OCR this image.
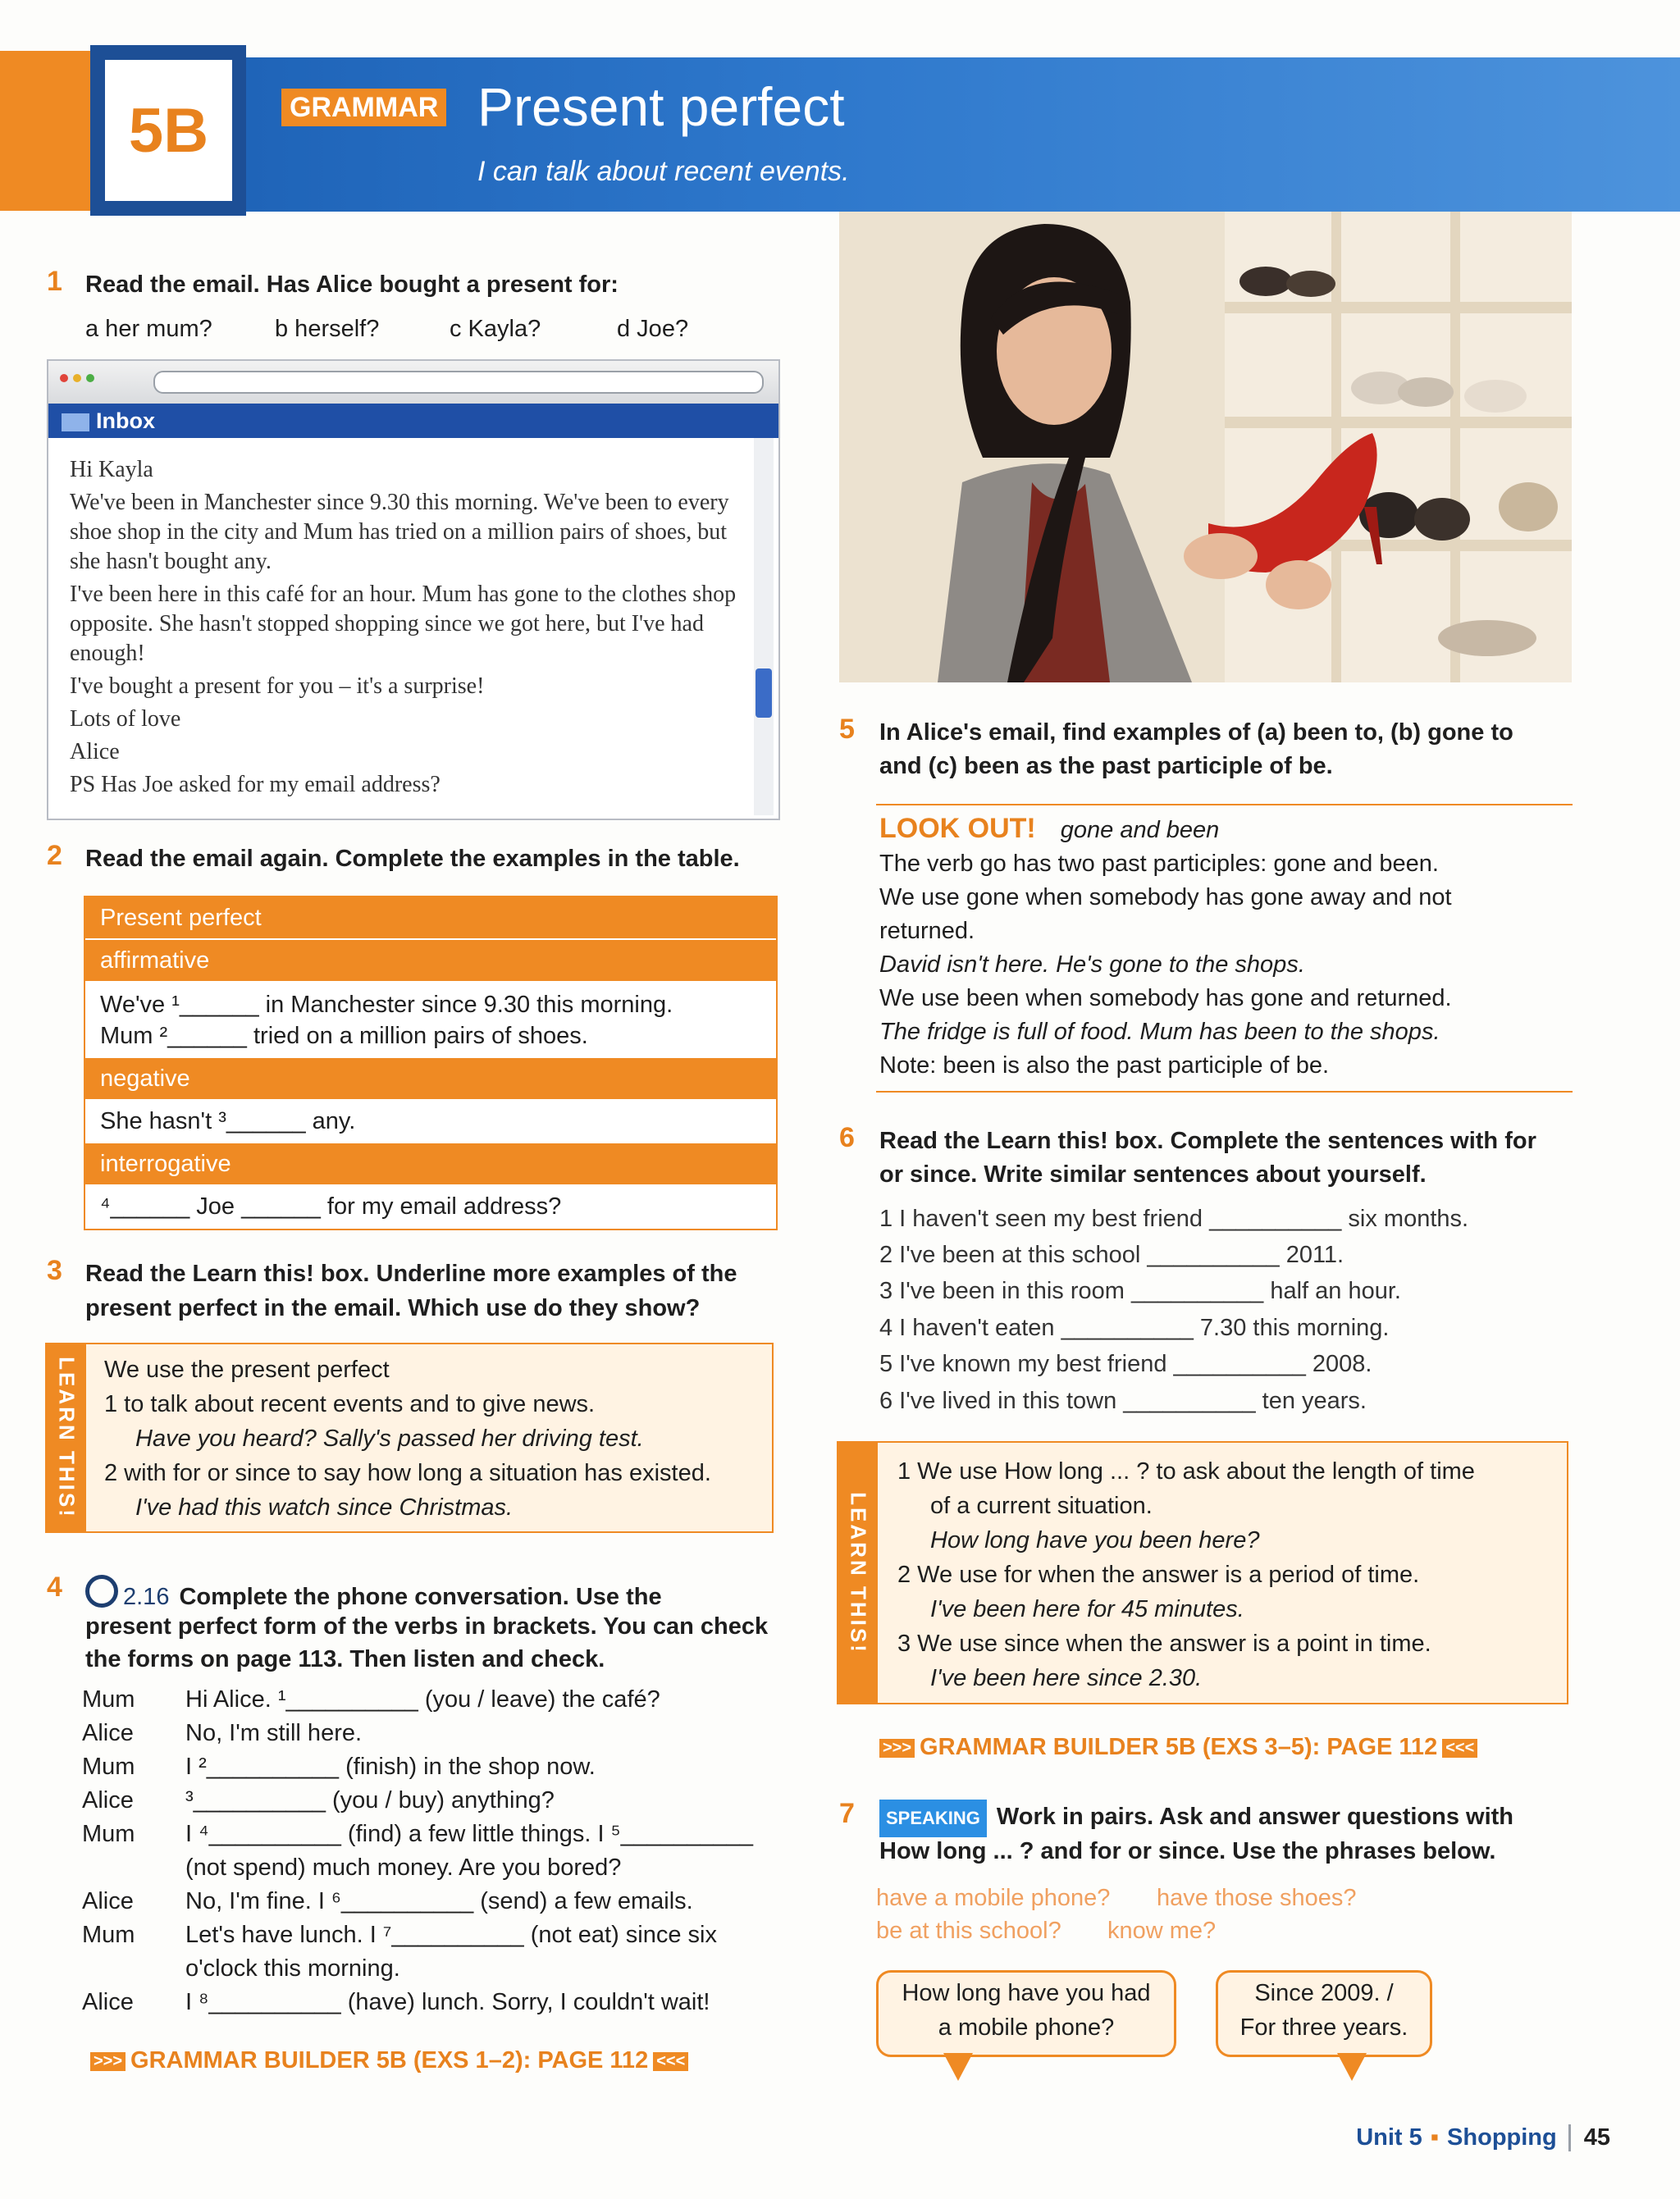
5B	GRAMMAR Present perfect
I can talk about recent events.
1 Read the email. Has Alice bought a present for:
a her mum?	b herself?	c Kayla?	d Joe?
Inbox

Hi Kayla

We've been in Manchester since 9.30 this morning. We've been to every shoe shop in the city and Mum has tried on a million pairs of shoes, but she hasn't bought any.

I've been here in this café for an hour. Mum has gone to the clothes shop opposite. She hasn't stopped shopping since we got here, but I've had enough!

I've bought a present for you – it's a surprise!

Lots of love

Alice

PS Has Joe asked for my email address?

2 Read the email again. Complete the examples in the table.
Present perfect
affirmative
We've ¹______ in Manchester since 9.30 this morning.
Mum ²______ tried on a million pairs of shoes.
negative
She hasn't ³______ any.
interrogative
⁴______ Joe ______ for my email address?
3 Read the Learn this! box. Underline more examples of the present perfect in the email. Which use do they show?
LEARN THIS! We use the present perfect
1 to talk about recent events and to give news.
Have you heard? Sally's passed her driving test.
2 with for or since to say how long a situation has existed.
I've had this watch since Christmas.
4	2.16 Complete the phone conversation. Use the
present perfect form of the verbs in brackets. You can check
the forms on page 113. Then listen and check.
Mum Hi Alice. ¹__________ (you / leave) the café?
Alice No, I'm still here.
Mum I ²__________ (finish) in the shop now.
Alice ³__________ (you / buy) anything?
Mum I ⁴__________ (find) a few little things. I ⁵__________
(not spend) much money. Are you bored?
Alice No, I'm fine. I ⁶__________ (send) a few emails.
Mum Let's have lunch. I ⁷__________ (not eat) since six
o'clock this morning.
Alice I ⁸__________ (have) lunch. Sorry, I couldn't wait!
>>> GRAMMAR BUILDER 5B (EXS 1–2): PAGE 112 <<<
5 In Alice's email, find examples of (a) been to, (b) gone to
and (c) been as the past participle of be.
LOOK OUT! gone and been
The verb go has two past participles: gone and been.
We use gone when somebody has gone away and not
returned.
David isn't here. He's gone to the shops.
We use been when somebody has gone and returned.
The fridge is full of food. Mum has been to the shops.
Note: been is also the past participle of be.
6 Read the Learn this! box. Complete the sentences with for
or since. Write similar sentences about yourself.
1 I haven't seen my best friend __________ six months.
2 I've been at this school __________ 2011.
3 I've been in this room __________ half an hour.
4 I haven't eaten __________ 7.30 this morning.
5 I've known my best friend __________ 2008.
6 I've lived in this town __________ ten years.
LEARN THIS!
1 We use How long ... ? to ask about the length of time
of a current situation.
How long have you been here?
2 We use for when the answer is a period of time.
I've been here for 45 minutes.
3 We use since when the answer is a point in time.
I've been here since 2.30.
>>> GRAMMAR BUILDER 5B (EXS 3–5): PAGE 112 <<<
7	SPEAKING Work in pairs. Ask and answer questions with
How long ... ? and for or since. Use the phrases below.
have a mobile phone? have those shoes?
be at this school? know me?
How long have you had
a mobile phone?
Since 2009. /
For three years.
Unit 5 ▪ Shopping 45
